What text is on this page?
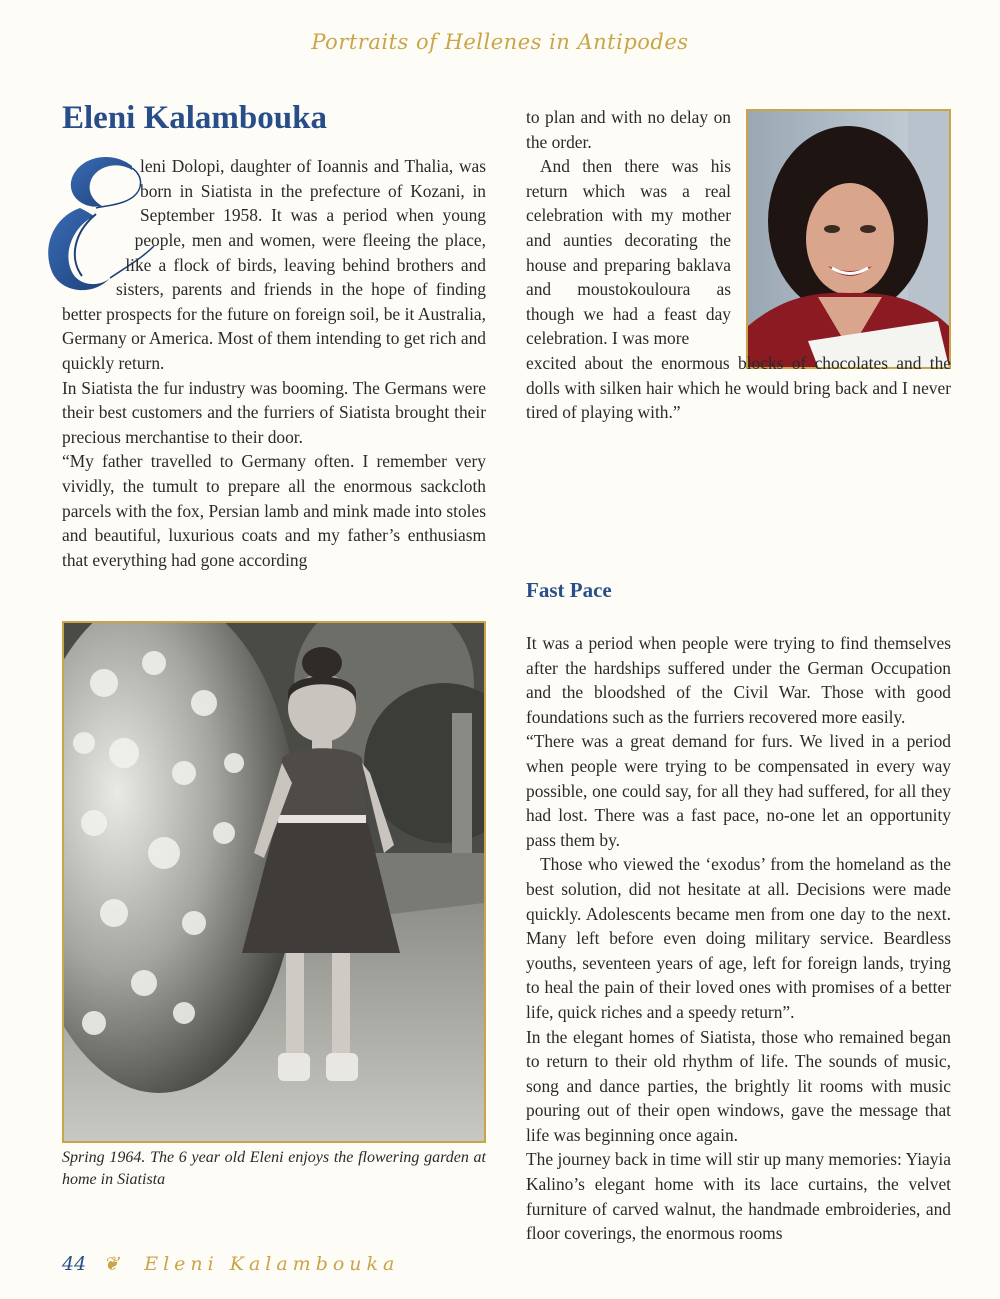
Portraits of Hellenes in Antipodes
Eleni Kalambouka

leni Dolopi, daughter of Ioannis and Thalia, was born in Siatista in the prefecture of Kozani, in September 1958. It was a period when young people, men and women, were fleeing the place, like a flock of birds, leaving behind brothers and sisters, parents and friends in the hope of finding better prospects for the future on foreign soil, be it Australia, Germany or America. Most of them intending to get rich and quickly return.

In Siatista the fur industry was booming. The Germans were their best customers and the furriers of Siatista brought their precious merchantise to their door.

“My father travelled to Germany often. I remember very vividly, the tumult to prepare all the enormous sackcloth parcels with the fox, Persian lamb and mink made into stoles and beautiful, luxurious coats and my father’s enthusiasm that everything had gone according

Spring 1964. The 6 year old Eleni enjoys the flowering garden at home in Siatista

to plan and with no delay on the order.

And then there was his return which was a real celebration with my mother and aunties decorating the house and preparing baklava and moustokouloura as though we had a feast day celebration. I was more

excited about the enormous blocks of chocolates and the dolls with silken hair which he would bring back and I never tired of playing with.”

Fast Pace

It was a period when people were trying to find themselves after the hardships suffered under the German Occupation and the bloodshed of the Civil War. Those with good foundations such as the furriers recovered more easily.

“There was a great demand for furs. We lived in a period when people were trying to be compensated in every way possible, one could say, for all they had suffered, for all they had lost. There was a fast pace, no-one let an opportunity pass them by.

Those who viewed the ‘exodus’ from the homeland as the best solution, did not hesitate at all. Decisions were made quickly. Adolescents became men from one day to the next. Many left before even doing military service. Beardless youths, seventeen years of age, left for foreign lands, trying to heal the pain of their loved ones with promises of a better life, quick riches and a speedy return”.

In the elegant homes of Siatista, those who remained began to return to their old rhythm of life. The sounds of music, song and dance parties, the brightly lit rooms with music pouring out of their open windows, gave the message that life was beginning once again.

The journey back in time will stir up many memories: Yiayia Kalino’s elegant home with its lace curtains, the velvet furniture of carved walnut, the handmade embroideries, and floor coverings, the enormous rooms

44 ❦ Eleni Kalambouka
